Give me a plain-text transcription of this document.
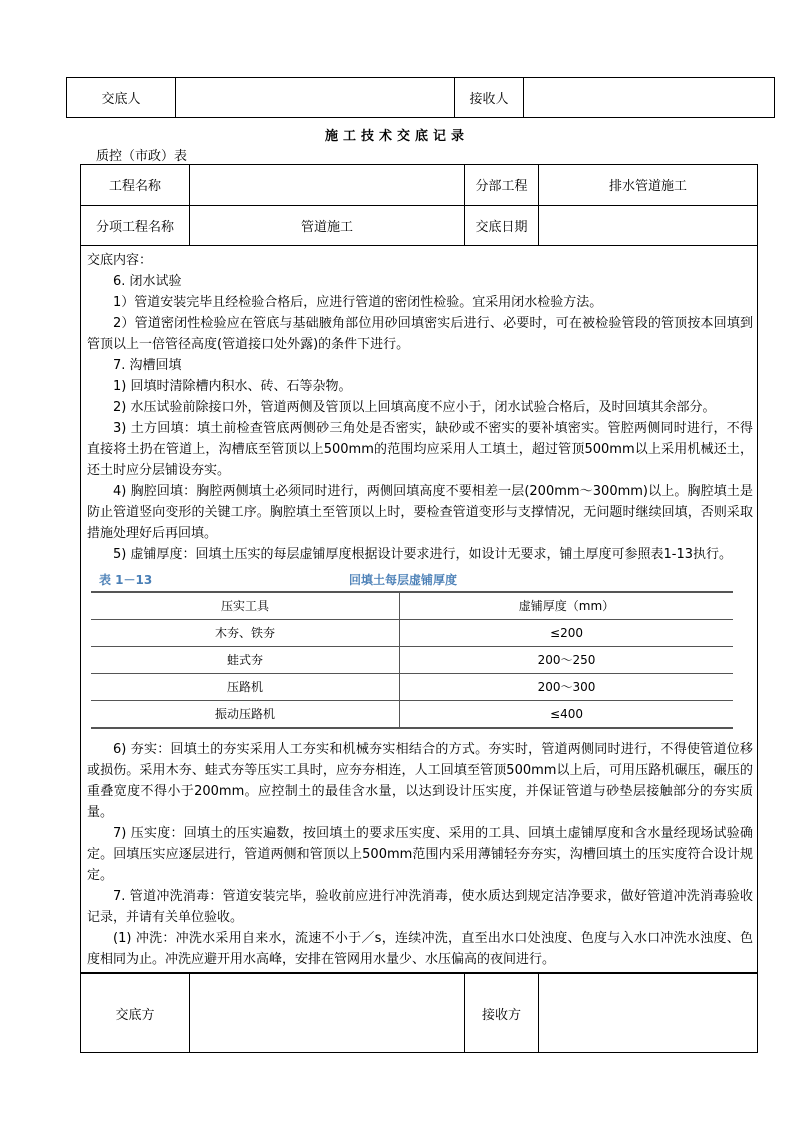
交底人		接收人	
施工技术交底记录
质控（市政）表
工程名称		分部工程	排水管道施工
分项工程名称	管道施工	交底日期	

交底内容：

6. 闭水试验

1）管道安装完毕且经检验合格后，应进行管道的密闭性检验。宜采用闭水检验方法。

2）管道密闭性检验应在管底与基础腋角部位用砂回填密实后进行、必要时，可在被检验管段的管顶按本回填到管顶以上一倍管径高度(管道接口处外露)的条件下进行。

7. 沟槽回填

1) 回填时清除槽内积水、砖、石等杂物。

2) 水压试验前除接口外，管道两侧及管顶以上回填高度不应小于，闭水试验合格后，及时回填其余部分。

3) 土方回填：填土前检查管底两侧砂三角处是否密实，缺砂或不密实的要补填密实。管腔两侧同时进行，不得直接将土扔在管道上，沟槽底至管顶以上500mm的范围均应采用人工填土，超过管顶500mm以上采用机械还土，还土时应分层铺设夯实。

4) 胸腔回填：胸腔两侧填土必须同时进行，两侧回填高度不要相差一层(200mm～300mm)以上。胸腔填土是防止管道竖向变形的关键工序。胸腔填土至管顶以上时，要检查管道变形与支撑情况，无问题时继续回填，否则采取措施处理好后再回填。

5) 虚铺厚度：回填土压实的每层虚铺厚度根据设计要求进行，如设计无要求，铺土厚度可参照表1-13执行。

表 1－13	回填土每层虚铺厚度
压实工具	虚铺厚度（mm）
木夯、铁夯	≤200
蛙式夯	200～250
压路机	200～300
振动压路机	≤400

6) 夯实：回填土的夯实采用人工夯实和机械夯实相结合的方式。夯实时，管道两侧同时进行，不得使管道位移或损伤。采用木夯、蛙式夯等压实工具时，应夯夯相连，人工回填至管顶500mm以上后，可用压路机碾压，碾压的重叠宽度不得小于200mm。应控制土的最佳含水量，以达到设计压实度，并保证管道与砂垫层接触部分的夯实质量。

7) 压实度：回填土的压实遍数，按回填土的要求压实度、采用的工具、回填土虚铺厚度和含水量经现场试验确定。回填压实应逐层进行，管道两侧和管顶以上500mm范围内采用薄铺轻夯夯实，沟槽回填土的压实度符合设计规定。

7. 管道冲洗消毒：管道安装完毕，验收前应进行冲洗消毒，使水质达到规定洁净要求，做好管道冲洗消毒验收记录，并请有关单位验收。

(1) 冲洗：冲洗水采用自来水，流速不小于／s，连续冲洗，直至出水口处浊度、色度与入水口冲洗水浊度、色度相同为止。冲洗应避开用水高峰，安排在管网用水量少、水压偏高的夜间进行。

交底方		接收方	
